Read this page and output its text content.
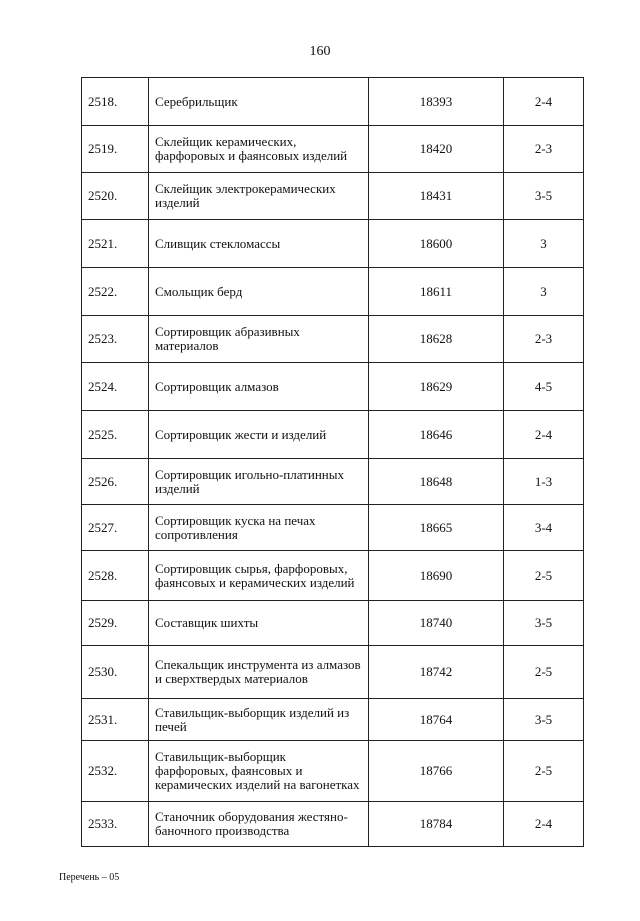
160
2518.	Серебрильщик	18393	2-4
2519.	Склейщик керамических, фарфоровых и фаянсовых изделий	18420	2-3
2520.	Склейщик электрокерамических изделий	18431	3-5
2521.	Сливщик стекломассы	18600	3
2522.	Смольщик берд	18611	3
2523.	Сортировщик абразивных материалов	18628	2-3
2524.	Сортировщик алмазов	18629	4-5
2525.	Сортировщик жести и изделий	18646	2-4
2526.	Сортировщик игольно-платинных изделий	18648	1-3
2527.	Сортировщик куска на печах сопротивления	18665	3-4
2528.	Сортировщик сырья, фарфоровых, фаянсовых и керамических изделий	18690	2-5
2529.	Составщик шихты	18740	3-5
2530.	Спекальщик инструмента из алмазов и сверхтвердых материалов	18742	2-5
2531.	Ставильщик-выборщик изделий из печей	18764	3-5
2532.	Ставильщик-выборщик фарфоровых, фаянсовых и керамических изделий на вагонетках	18766	2-5
2533.	Станочник оборудования жестяно-баночного производства	18784	2-4
Перечень – 05
